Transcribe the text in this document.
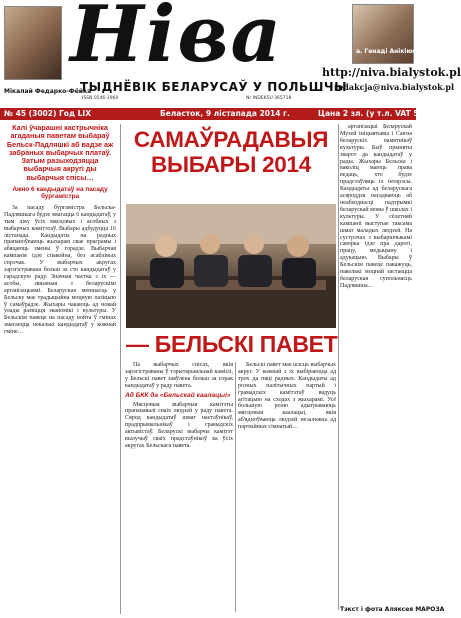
Мікалай Федарко-Фёйка
Ніва
ТЫДНЁВІК БЕЛАРУСАЎ У ПОЛЬШЧЫ
ISSN 0546-1960	Nr INDEKSU 365718
а. Генаді Анікіюк
http://niva.bialystok.pl
redakcja@niva.bialystok.pl
№ 45 (3002) Год LIX	Беласток, 9 лістапада 2014 г.	Цана 2 зл. (у т.л. VAT 5%)
Калі ўчарашні кастрычніка агаданыя паветам выбараў Бельск-Падляшкі аб вадзе аж забраных выбарчых платаў. Затым разыходзяцца выбарчыя акругі ды выбарчыя спісы…
Ажно 6 кандыдатаў на пасаду бургамістра

За пасаду бургамістра Бельска-Падляшкага будзе змагацца 6 кандыдатаў, у тым ліку ўсіх мясцовых і асобных з выбарчых камітэтаў. Выбары адбудуцца 16 лістапада. Кандыдаты на радных прапаноўваюць жыхарам свае праграмы і абяцаюць змены ў горадзе. Выбарчая кампанія ідзе спакойна, без асаблівых спрэчак. У выбарчых акругах зарэгістравана больш за сто кандыдатаў у гарадскую раду. Значная частка з іх — асобы, звязаныя з беларускімі арганізацыямі. Беларуская меншасць у Бельску мае традыцыйна моцную пазіцыю ў самаўрадзе. Жыхары чакаюць ад новай улады развіцця эканомікі і культуры. У Бельскім павеце на пасаду войта ў гмінах змагаецца некалькі кандыдатаў у кожнай гміне…

САМАЎРАДАВЫЯ ВЫБАРЫ 2014
— БЕЛЬСКІ ПАВЕТ

Па выбарчых спісах, якія зарэгістраваны ў тэрытарыяльнай камісіі, у Бельскі павет заяўлена больш за сорак кандыдатаў у раду павета.

Ад БКК да «Бельскай каалацыі»

Мясцовыя выбарчыя камітэты прапанавалі сваіх людзей у раду павета. Сярод кандыдатаў шмат настаўнікаў, прадпрымальнікаў і грамадскіх актывістаў. Беларускі выбарчы камітэт вылучыў сваіх прадстаўнікоў ва ўсіх акругах Бельскага павета.

Бельскі павет мае шэсць выбарчых акруг. У кожнай з іх выбіраюцца ад трох да пяці радных. Кандыдаты ад розных палітычных партый і грамадскіх камітэтаў вядуць агітацыю на сходах з жыхарамі. Усё большую ролю адыгрываюць мясцовыя каалацыі, якія аб'ядноўваюць людзей незалежна ад партыйных сімпатый…

арганізацыі Беларускай Музей ініцыятывы і Саюза беларускіх памятнікаў культуры. Быў прыняты зварот да кандыдатаў у рады. Жыхары Бельска і ваколіц маюць права ведаць, хто будзе прадстаўляць іх інтарэсы. Кандыдаты ад беларускага асяроддзя нагадваюць аб неабходнасці падтрымкі беларускай мовы ў школах і культуры. У сёлетняй кампаніі выступае таксама шмат маладых людзей. На сустрэчах з выбаршчыкамі гаворка ідзе пра дарогі, працу, медыцыну і адукацыю. Выбары ў Бельскім павеце пакажуць, наколькі моцнай застаецца беларуская супольнасць Падляшша…

Тэкст і фота Аляксея МАРОЗА
